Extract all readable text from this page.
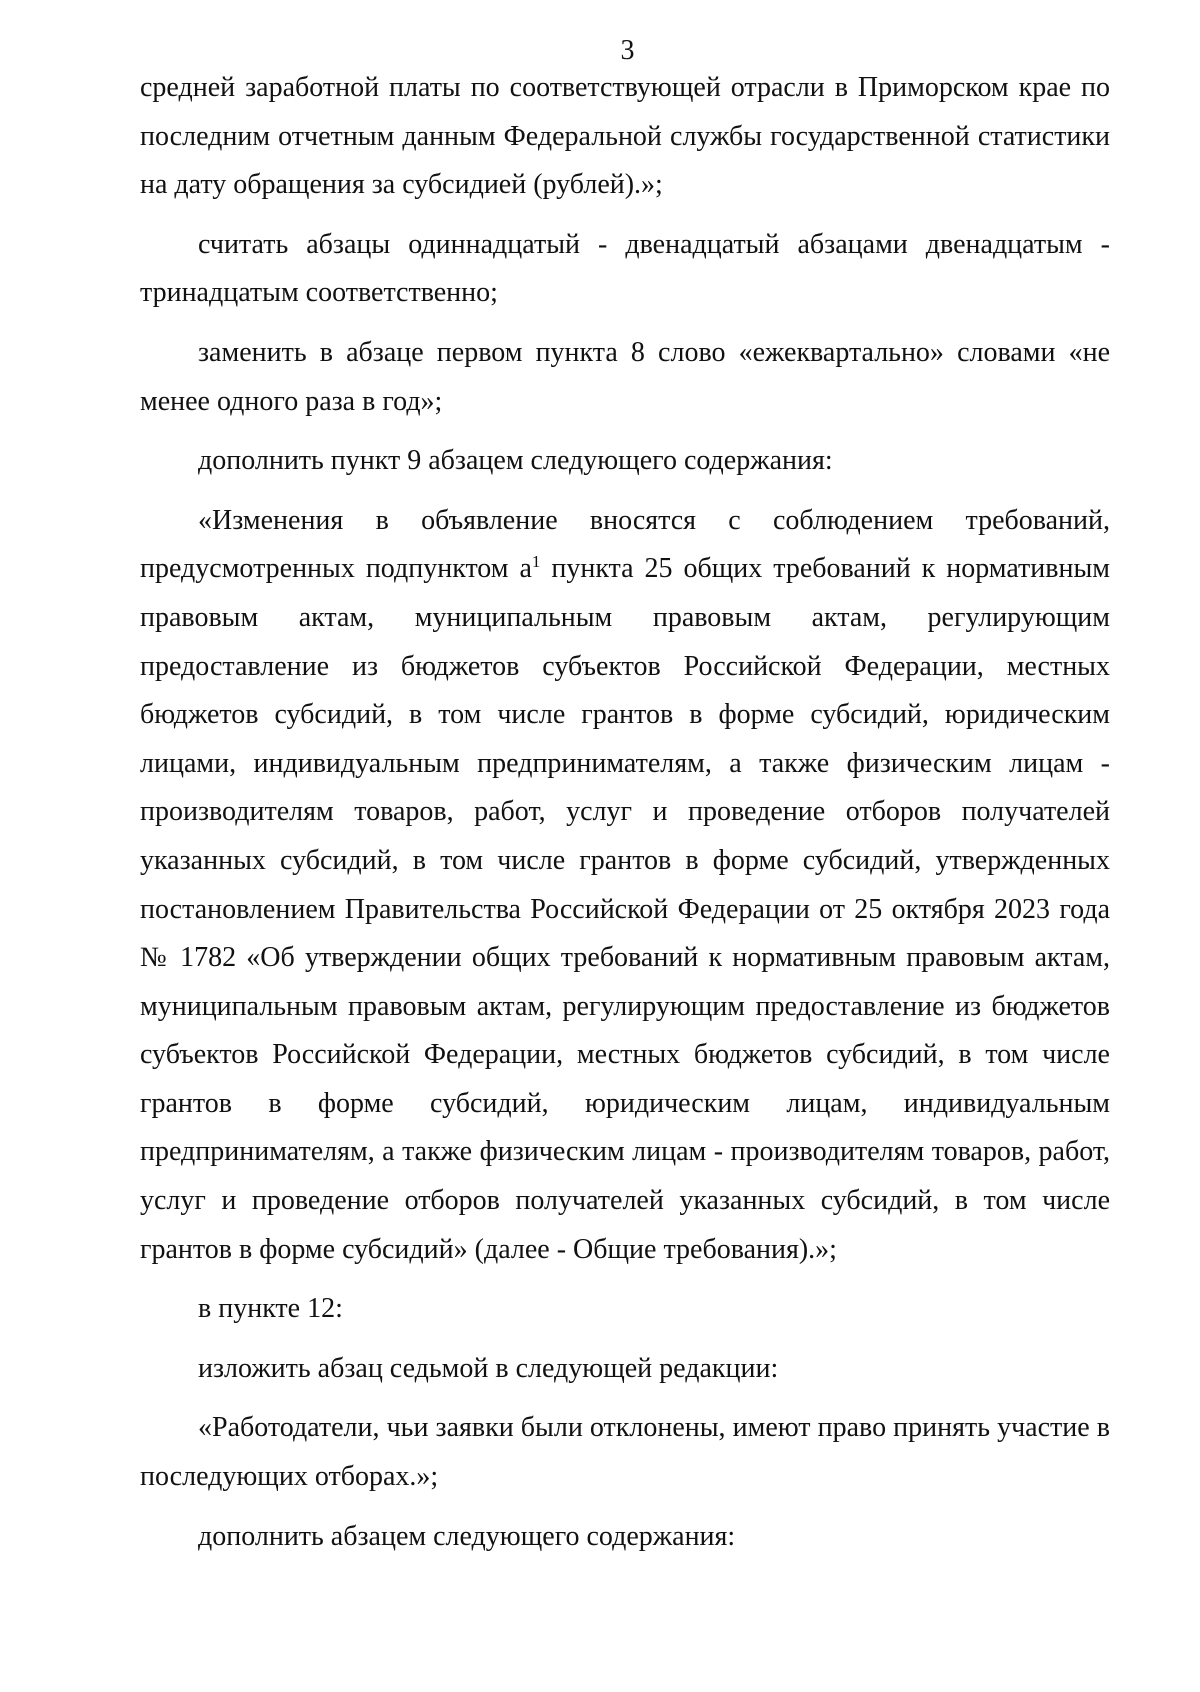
3

средней заработной платы по соответствующей отрасли в Приморском крае по последним отчетным данным Федеральной службы государственной статистики на дату обращения за субсидией (рублей).»;

считать абзацы одиннадцатый - двенадцатый абзацами двенадцатым - тринадцатым соответственно;

заменить в абзаце первом пункта 8 слово «ежеквартально» словами «не менее одного раза в год»;

дополнить пункт 9 абзацем следующего содержания:

«Изменения в объявление вносятся с соблюдением требований, предусмотренных подпунктом $а^1$ пункта 25 общих требований к нормативным правовым актам, муниципальным правовым актам, регулирующим предоставление из бюджетов субъектов Российской Федерации, местных бюджетов субсидий, в том числе грантов в форме субсидий, юридическим лицами, индивидуальным предпринимателям, а также физическим лицам - производителям товаров, работ, услуг и проведение отборов получателей указанных субсидий, в том числе грантов в форме субсидий, утвержденных постановлением Правительства Российской Федерации от 25 октября 2023 года № 1782 «Об утверждении общих требований к нормативным правовым актам, муниципальным правовым актам, регулирующим предоставление из бюджетов субъектов Российской Федерации, местных бюджетов субсидий, в том числе грантов в форме субсидий, юридическим лицам, индивидуальным предпринимателям, а также физическим лицам - производителям товаров, работ, услуг и проведение отборов получателей указанных субсидий, в том числе грантов в форме субсидий» (далее - Общие требования).»;

в пункте 12:

изложить абзац седьмой в следующей редакции:

«Работодатели, чьи заявки были отклонены, имеют право принять участие в последующих отборах.»;

дополнить абзацем следующего содержания:
